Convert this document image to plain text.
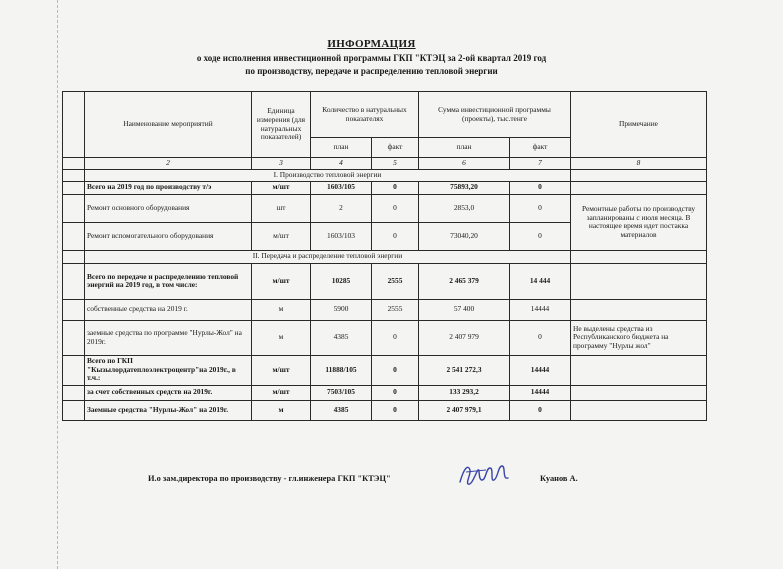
ИНФОРМАЦИЯ
о ходе исполнения инвестиционной программы ГКП "КТЭЦ за 2-ой квартал 2019 год
по производству, передаче и распределению тепловой энергии
	Наименование мероприятий	Единица измерения (для натуральных показателей)	Количество в натуральных показателях		Сумма инвестиционной программы (проекты), тыс.тенге		Примечание
			план	факт	план	факт	
	2	3	4	5	6	7	8
	I. Производство тепловой энергии						
	Всего на 2019 год по производству т/э	м/шт	1603/105	0	75893,20	0	
	Ремонт основного оборудования	шт	2	0	2853,0	0	Ремонтные работы по производству запланированы с июля месяца. В настоящее время идет постакка материалов
	Ремонт вспомогательного оборудования	м/шт	1603/103	0	73040,20	0	
	II. Передача и распределение тепловой энергии						
	Всего по передаче и распределению тепловой энергий на 2019 год, в том числе:	м/шт	10285	2555	2 465 379	14 444	
	собственные средства на 2019 г.	м	5900	2555	57 400	14444	
	заемные средства по программе "Нурлы-Жол" на 2019г.	м	4385	0	2 407 979	0	Не выделены средства из Республиканского бюджета на программу "Нурлы жол"
	Всего по ГКП "Кызылордатеплоэлектроцентр"на 2019г., в т.ч.:	м/шт	11888/105	0	2 541 272,3	14444	
	за счет собственных средств на 2019г.	м/шт	7503/105	0	133 293,2	14444	
	Заемные средства "Нурлы-Жол" на 2019г.	м	4385	0	2 407 979,1	0	
И.о зам.директора по производству - гл.инженера ГКП "КТЭЦ"	Куанов А.
